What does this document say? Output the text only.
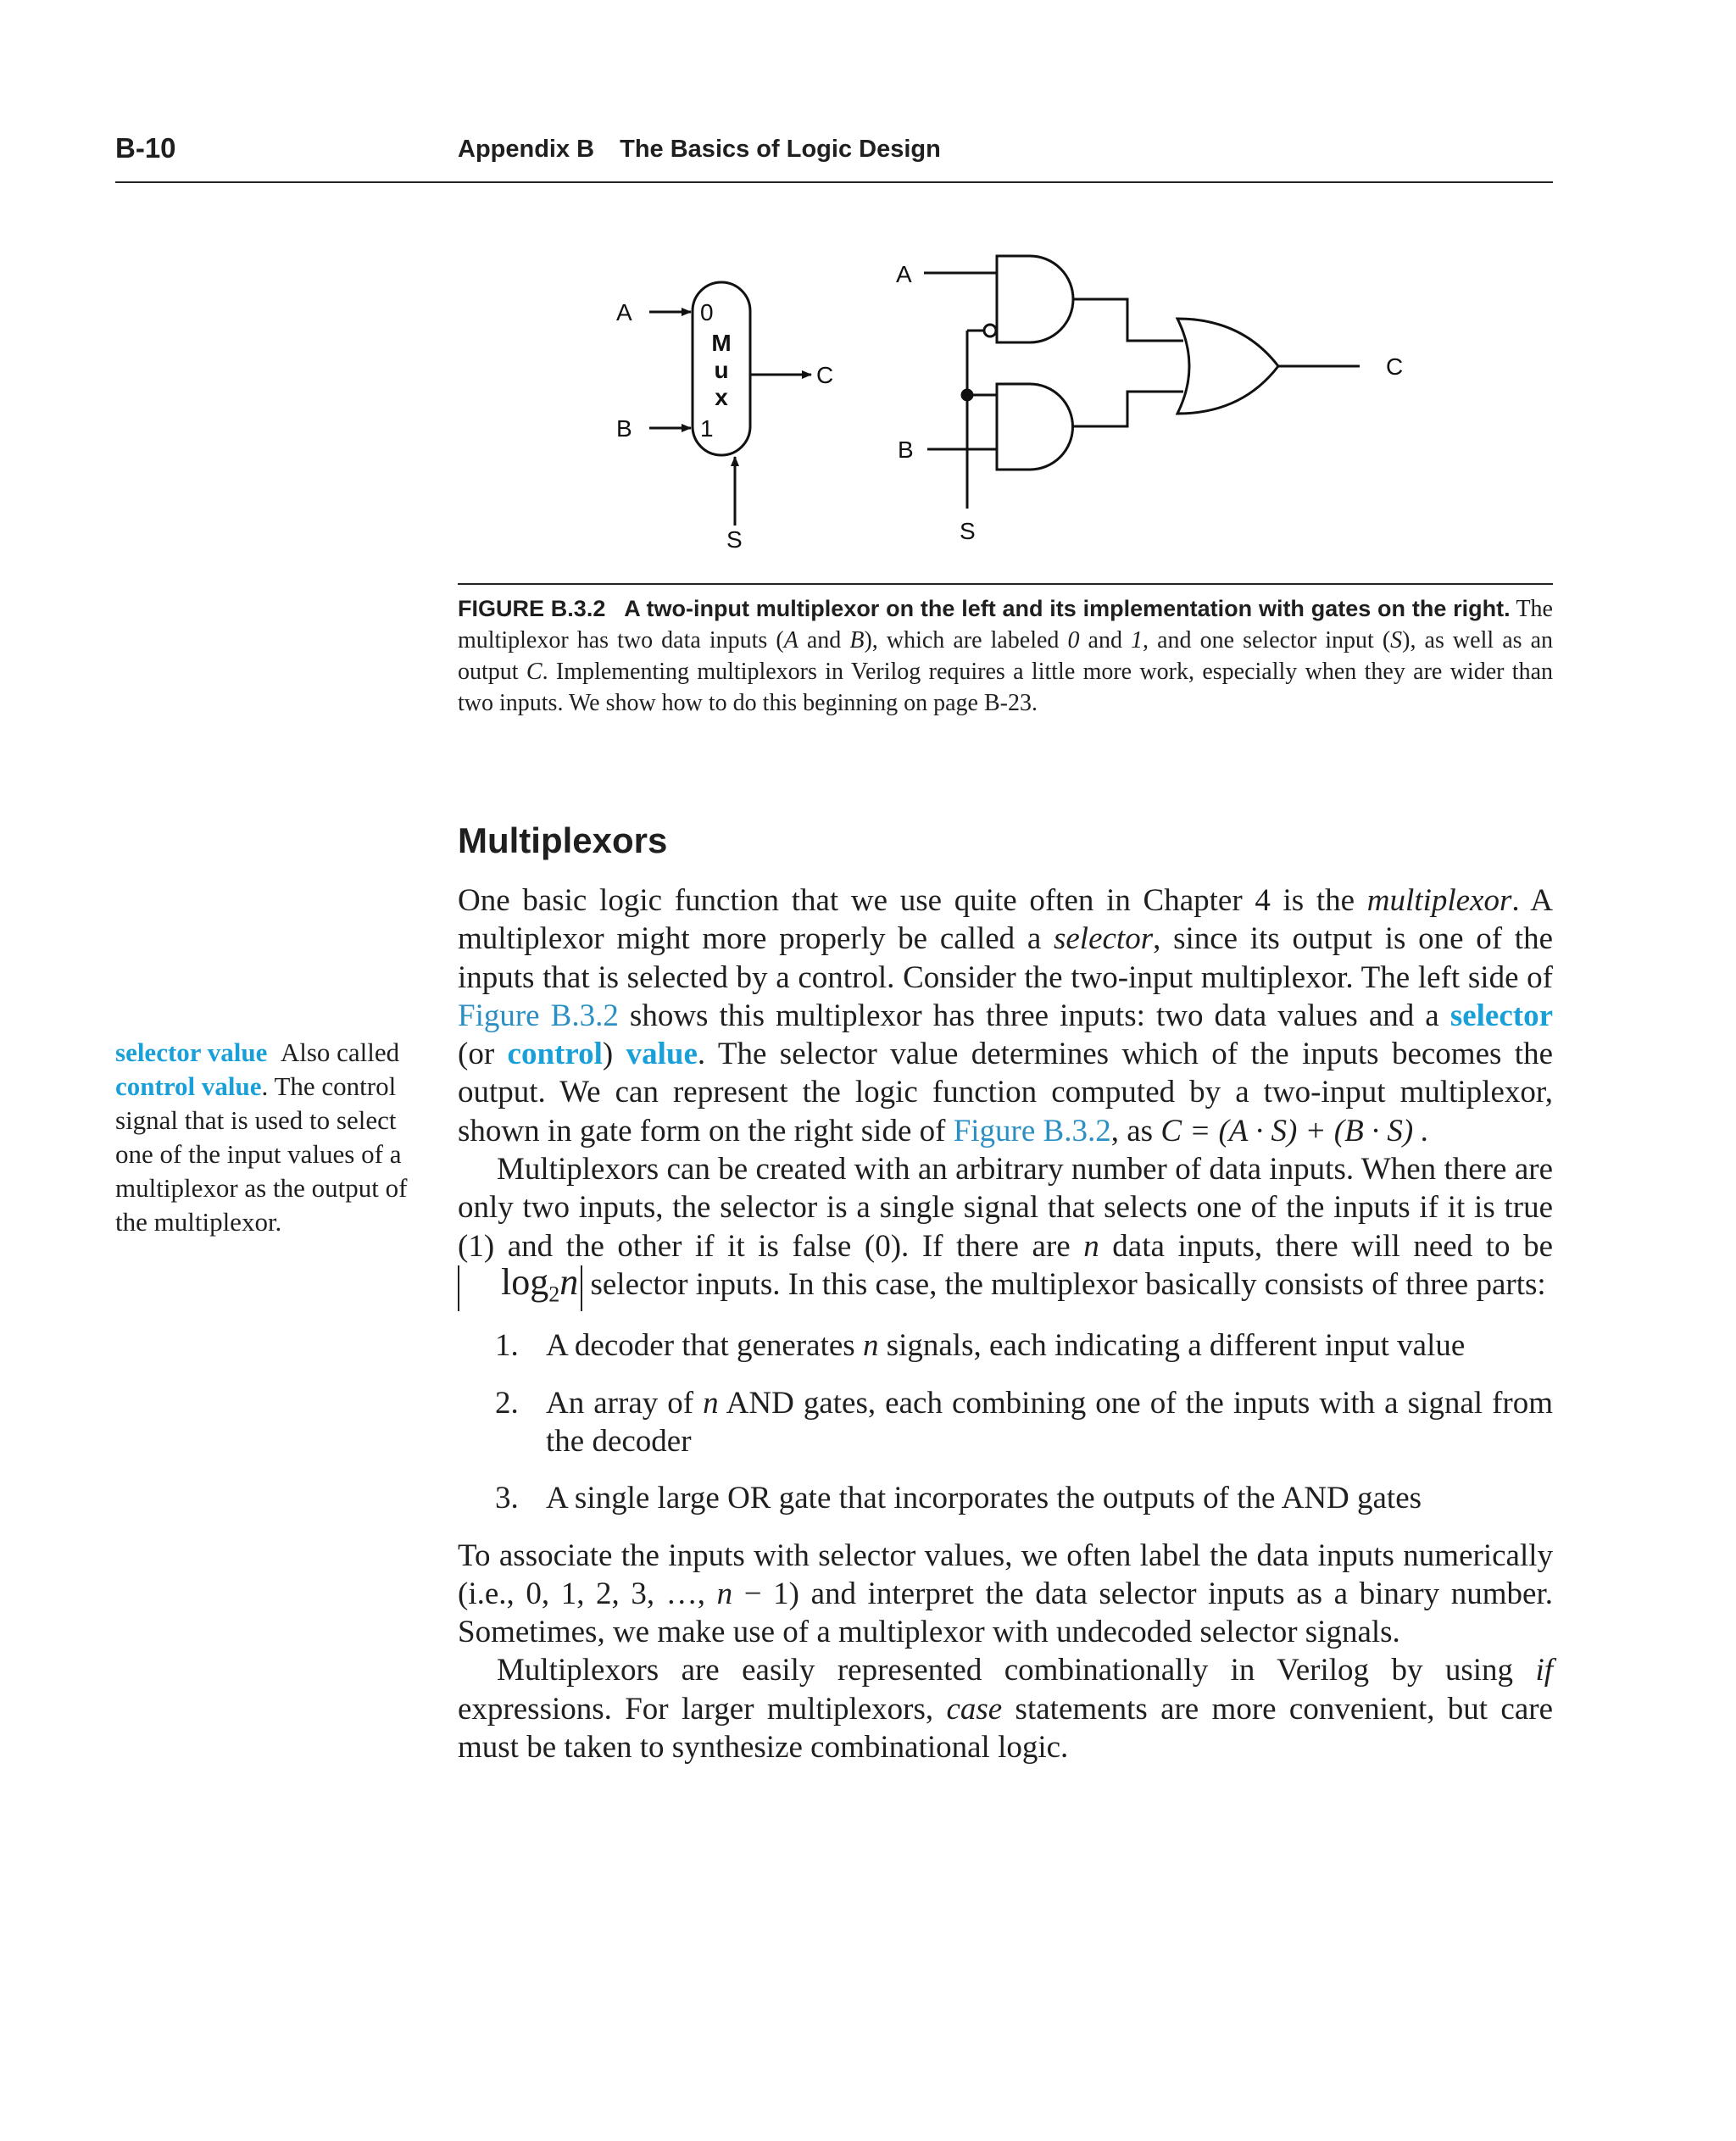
B-10	Appendix B The Basics of Logic Design
A
B
0
1
M
u
x
C
S
A
B
S
C
FIGURE B.3.2 A two-input multiplexor on the left and its implementation with gates on the right. The multiplexor has two data inputs (A and B), which are labeled 0 and 1, and one selector input (S), as well as an output C. Implementing multiplexors in Verilog requires a little more work, especially when they are wider than two inputs. We show how to do this beginning on page B-23.
Multiplexors

One basic logic function that we use quite often in Chapter 4 is the multiplexor. A multiplexor might more properly be called a selector, since its output is one of the inputs that is selected by a control. Consider the two-input multiplexor. The left side of Figure B.3.2 shows this multiplexor has three inputs: two data values and a selector (or control) value. The selector value determines which of the inputs becomes the output. We can represent the logic function computed by a two-input multiplexor, shown in gate form on the right side of Figure B.3.2, as C = (A · S) + (B · S) .

Multiplexors can be created with an arbitrary number of data inputs. When there are only two inputs, the selector is a single signal that selects one of the inputs if it is true (1) and the other if it is false (0). If there are n data inputs, there will need to be $\log_2n$ selector inputs. In this case, the multiplexor basically consists of three parts:

1. A decoder that generates n signals, each indicating a different input value
2. An array of n AND gates, each combining one of the inputs with a signal from the decoder
3. A single large OR gate that incorporates the outputs of the AND gates

To associate the inputs with selector values, we often label the data inputs numerically (i.e., 0, 1, 2, 3, …, n − 1) and interpret the data selector inputs as a binary number. Sometimes, we make use of a multiplexor with undecoded selector signals.

Multiplexors are easily represented combinationally in Verilog by using if expressions. For larger multiplexors, case statements are more convenient, but care must be taken to synthesize combinational logic.

selector value Also called control value. The control signal that is used to select one of the input values of a multiplexor as the output of the multiplexor.
